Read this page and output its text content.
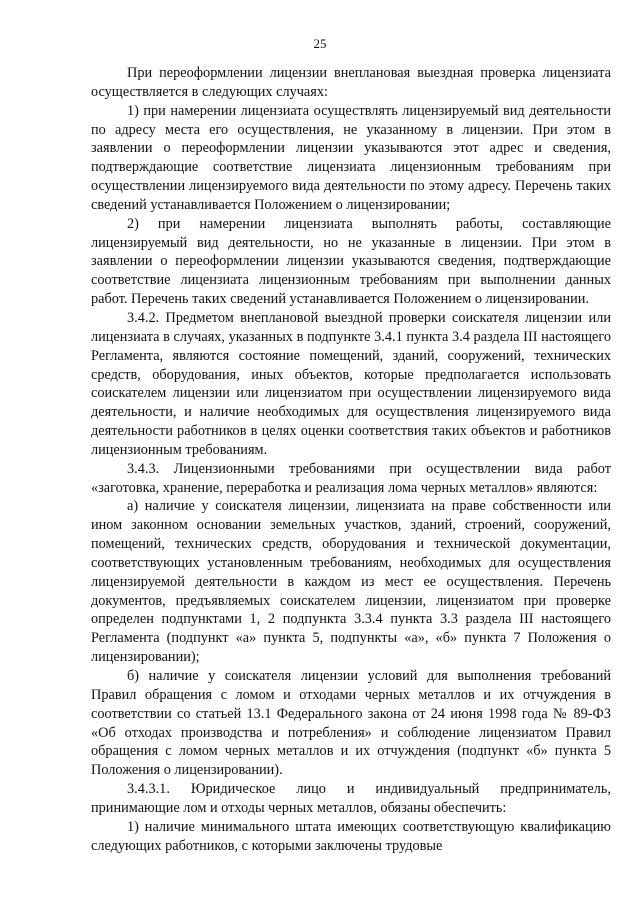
25

При переоформлении лицензии внеплановая выездная проверка лицензиата осуществляется в следующих случаях:

1) при намерении лицензиата осуществлять лицензируемый вид деятельности по адресу места его осуществления, не указанному в лицензии. При этом в заявлении о переоформлении лицензии указываются этот адрес и сведения, подтверждающие соответствие лицензиата лицензионным требованиям при осуществлении лицензируемого вида деятельности по этому адресу. Перечень таких сведений устанавливается Положением о лицензировании;

2) при намерении лицензиата выполнять работы, составляющие лицензируемый вид деятельности, но не указанные в лицензии. При этом в заявлении о переоформлении лицензии указываются сведения, подтверждающие соответствие лицензиата лицензионным требованиям при выполнении данных работ. Перечень таких сведений устанавливается Положением о лицензировании.

3.4.2. Предметом внеплановой выездной проверки соискателя лицензии или лицензиата в случаях, указанных в подпункте 3.4.1 пункта 3.4 раздела III настоящего Регламента, являются состояние помещений, зданий, сооружений, технических средств, оборудования, иных объектов, которые предполагается использовать соискателем лицензии или лицензиатом при осуществлении лицензируемого вида деятельности, и наличие необходимых для осуществления лицензируемого вида деятельности работников в целях оценки соответствия таких объектов и работников лицензионным требованиям.

3.4.3. Лицензионными требованиями при осуществлении вида работ «заготовка, хранение, переработка и реализация лома черных металлов» являются:

а) наличие у соискателя лицензии, лицензиата на праве собственности или ином законном основании земельных участков, зданий, строений, сооружений, помещений, технических средств, оборудования и технической документации, соответствующих установленным требованиям, необходимых для осуществления лицензируемой деятельности в каждом из мест ее осуществления. Перечень документов, предъявляемых соискателем лицензии, лицензиатом при проверке определен подпунктами 1, 2 подпункта 3.3.4 пункта 3.3 раздела III настоящего Регламента (подпункт «а» пункта 5, подпункты «а», «б» пункта 7 Положения о лицензировании);

б) наличие у соискателя лицензии условий для выполнения требований Правил обращения с ломом и отходами черных металлов и их отчуждения в соответствии со статьей 13.1 Федерального закона от 24 июня 1998 года № 89-ФЗ «Об отходах производства и потребления» и соблюдение лицензиатом Правил обращения с ломом черных металлов и их отчуждения (подпункт «б» пункта 5 Положения о лицензировании).

3.4.3.1. Юридическое лицо и индивидуальный предприниматель, принимающие лом и отходы черных металлов, обязаны обеспечить:

1) наличие минимального штата имеющих соответствующую квалификацию следующих работников, с которыми заключены трудовые
